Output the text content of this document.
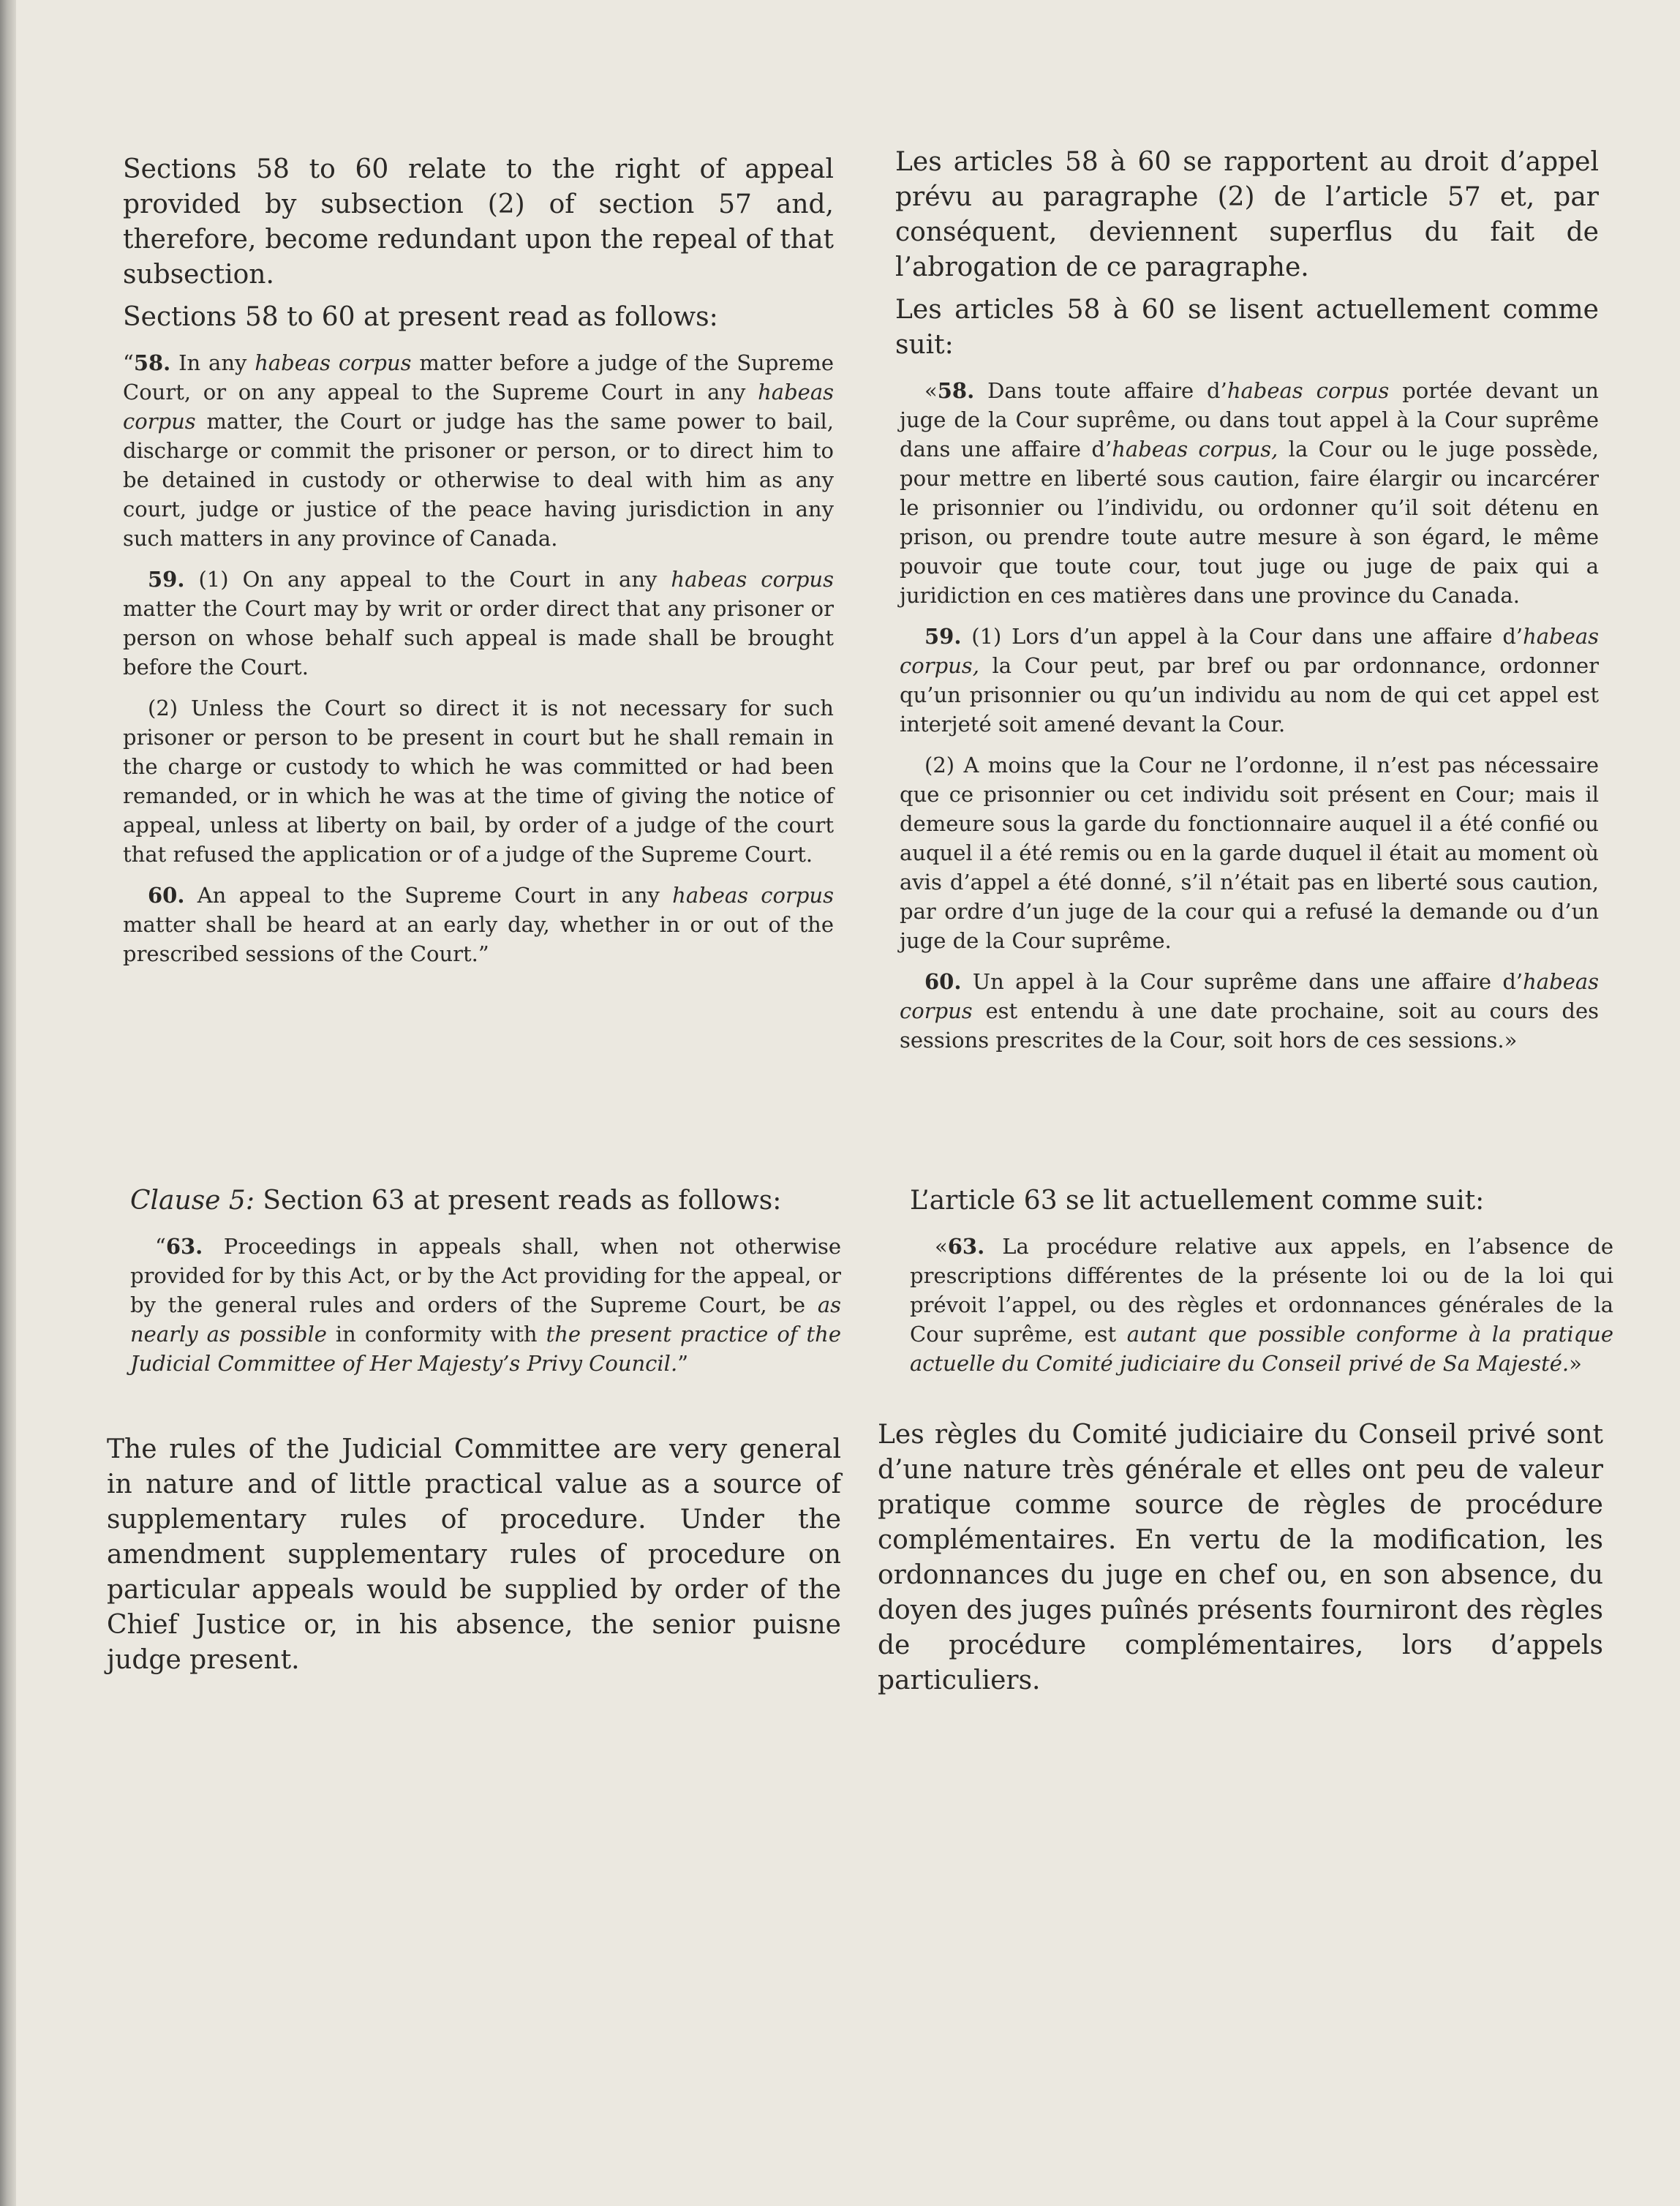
Sections 58 to 60 relate to the right of appeal provided by subsection (2) of section 57 and, therefore, become redundant upon the repeal of that subsection.

Sections 58 to 60 at present read as follows:

“58. In any habeas corpus matter before a judge of the Supreme Court, or on any appeal to the Supreme Court in any habeas corpus matter, the Court or judge has the same power to bail, discharge or commit the prisoner or person, or to direct him to be detained in custody or otherwise to deal with him as any court, judge or justice of the peace having jurisdiction in any such matters in any province of Canada.

59. (1) On any appeal to the Court in any habeas corpus matter the Court may by writ or order direct that any prisoner or person on whose behalf such appeal is made shall be brought before the Court.

(2) Unless the Court so direct it is not necessary for such prisoner or person to be present in court but he shall remain in the charge or custody to which he was committed or had been remanded, or in which he was at the time of giving the notice of appeal, unless at liberty on bail, by order of a judge of the court that refused the application or of a judge of the Supreme Court.

60. An appeal to the Supreme Court in any habeas corpus matter shall be heard at an early day, whether in or out of the prescribed sessions of the Court.”

Les articles 58 à 60 se rapportent au droit d’appel prévu au paragraphe (2) de l’article 57 et, par conséquent, deviennent superflus du fait de l’abrogation de ce paragraphe.

Les articles 58 à 60 se lisent actuellement comme suit:

«58. Dans toute affaire d’habeas corpus portée devant un juge de la Cour suprême, ou dans tout appel à la Cour suprême dans une affaire d’habeas corpus, la Cour ou le juge possède, pour mettre en liberté sous caution, faire élargir ou incarcérer le prisonnier ou l’individu, ou ordonner qu’il soit détenu en prison, ou prendre toute autre mesure à son égard, le même pouvoir que toute cour, tout juge ou juge de paix qui a juridiction en ces matières dans une province du Canada.

59. (1) Lors d’un appel à la Cour dans une affaire d’habeas corpus, la Cour peut, par bref ou par ordonnance, ordonner qu’un prisonnier ou qu’un individu au nom de qui cet appel est interjeté soit amené devant la Cour.

(2) A moins que la Cour ne l’ordonne, il n’est pas nécessaire que ce prisonnier ou cet individu soit présent en Cour; mais il demeure sous la garde du fonctionnaire auquel il a été confié ou auquel il a été remis ou en la garde duquel il était au moment où avis d’appel a été donné, s’il n’était pas en liberté sous caution, par ordre d’un juge de la cour qui a refusé la demande ou d’un juge de la Cour suprême.

60. Un appel à la Cour suprême dans une affaire d’habeas corpus est entendu à une date prochaine, soit au cours des sessions prescrites de la Cour, soit hors de ces sessions.»

Clause 5: Section 63 at present reads as follows:

“63. Proceedings in appeals shall, when not otherwise provided for by this Act, or by the Act providing for the appeal, or by the general rules and orders of the Supreme Court, be as nearly as possible in conformity with the present practice of the Judicial Committee of Her Majesty’s Privy Council.”

L’article 63 se lit actuellement comme suit:

«63. La procédure relative aux appels, en l’absence de prescriptions différentes de la présente loi ou de la loi qui prévoit l’appel, ou des règles et ordonnances générales de la Cour suprême, est autant que possible conforme à la pratique actuelle du Comité judiciaire du Conseil privé de Sa Majesté.»

The rules of the Judicial Committee are very general in nature and of little practical value as a source of supplementary rules of procedure. Under the amendment supplementary rules of procedure on particular appeals would be supplied by order of the Chief Justice or, in his absence, the senior puisne judge present.

Les règles du Comité judiciaire du Conseil privé sont d’une nature très générale et elles ont peu de valeur pratique comme source de règles de procédure complémentaires. En vertu de la modification, les ordonnances du juge en chef ou, en son absence, du doyen des juges puînés présents fourniront des règles de procédure complémentaires, lors d’appels particuliers.
